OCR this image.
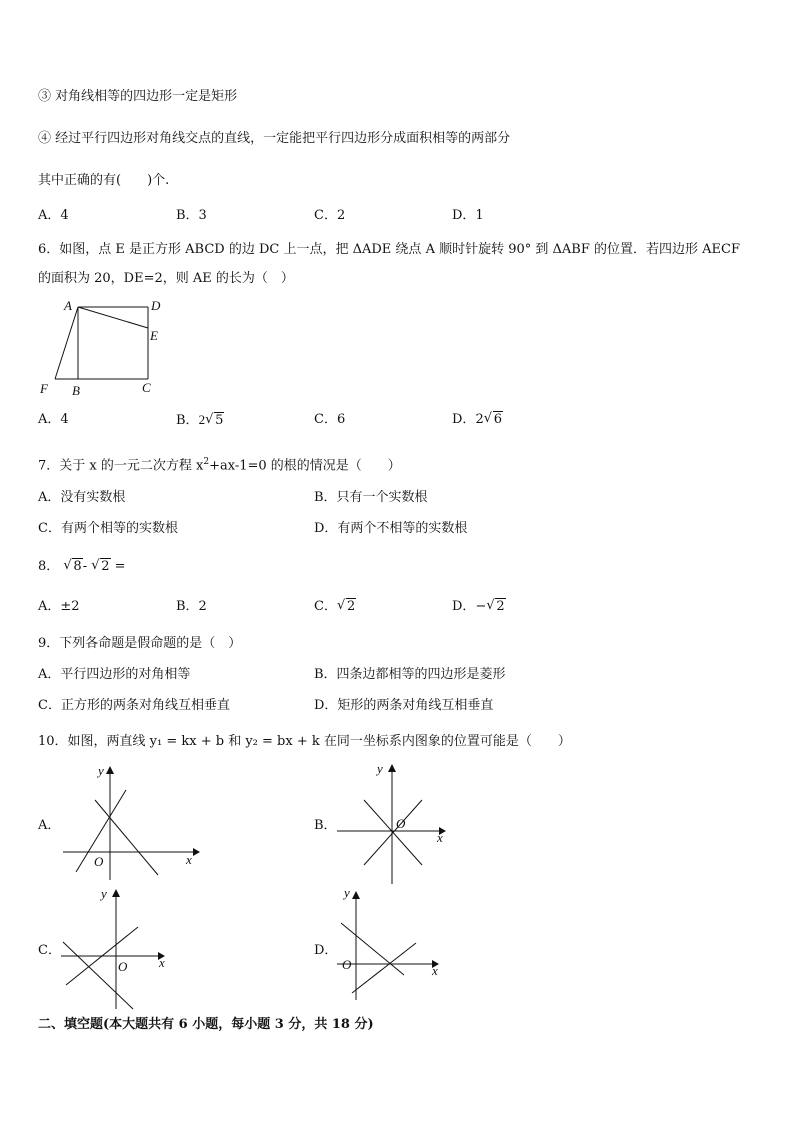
③ 对角线相等的四边形一定是矩形
④ 经过平行四边形对角线交点的直线，一定能把平行四边形分成面积相等的两部分
其中正确的有(　　)个.
A．4	B．3	C．2	D．1
6．如图，点 E 是正方形 ABCD 的边 DC 上一点，把 ΔADE 绕点 A 顺时针旋转 90° 到 ΔABF 的位置．若四边形 AECF
的面积为 20，DE=2，则 AE 的长为（　）
A	D
E
C
B
F
A．4	B．2 √ 5	C．6	D．2 √ 6
7．关于 x 的一元二次方程 $x^2+ax-1=0$ 的根的情况是（　　）
A．没有实数根	B．只有一个实数根
C．有两个相等的实数根	D．有两个不相等的实数根
8． √ 8- √ 2 =
A．±2	B．2	C． √ 2	D．− √ 2
9．下列各命题是假命题的是（　）
A．平行四边形的对角相等	B．四条边都相等的四边形是菱形
C．正方形的两条对角线互相垂直	D．矩形的两条对角线互相垂直
10．如图，两直线 y₁ = kx + b 和 y₂ = bx + k 在同一坐标系内图象的位置可能是（　　）
A．
y
x
O
B．
y
x
O
C．
y
x
O
D．
y
x
O
二、填空题(本大题共有 6 小题，每小题 3 分，共 18 分)
